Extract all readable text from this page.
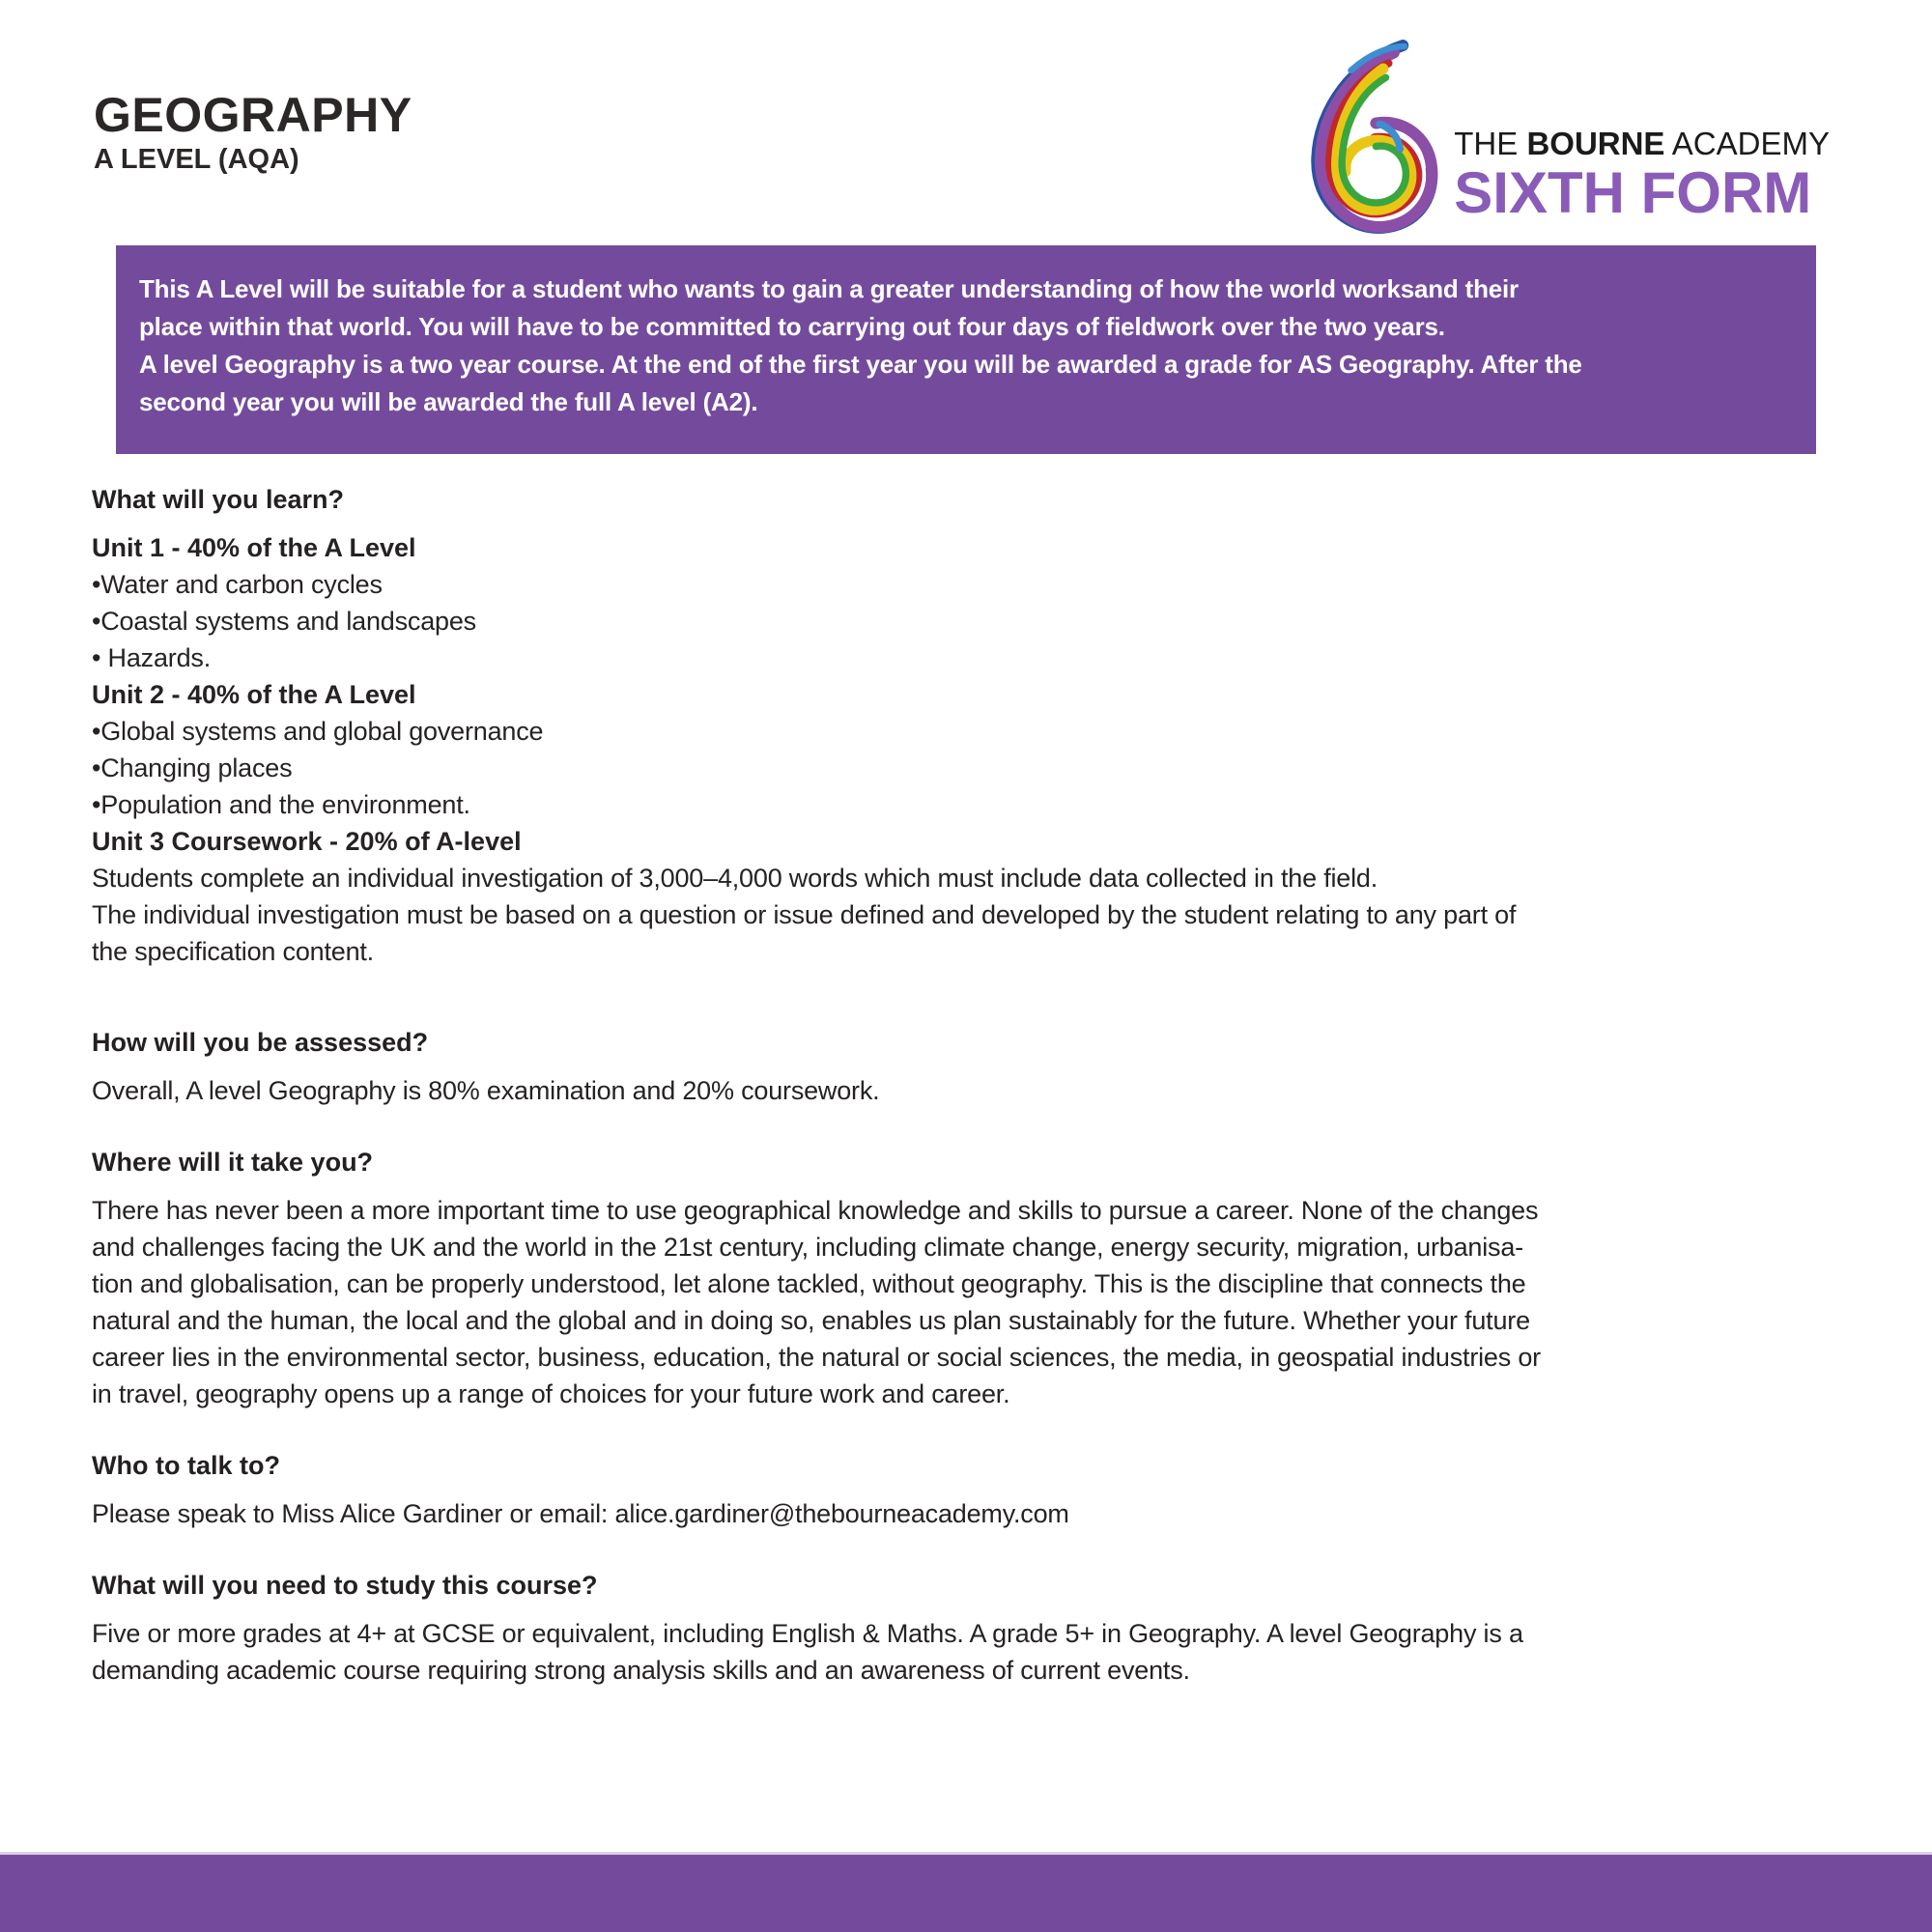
GEOGRAPHY
A LEVEL (AQA)	THE BOURNE ACADEMY
SIXTH FORM
This A Level will be suitable for a student who wants to gain a greater understanding of how the world worksand their
place within that world. You will have to be committed to carrying out four days of fieldwork over the two years.
A level Geography is a two year course. At the end of the first year you will be awarded a grade for AS Geography. After the
second year you will be awarded the full A level (A2).
What will you learn?
Unit 1 - 40% of the A Level
•Water and carbon cycles
•Coastal systems and landscapes
• Hazards.
Unit 2 - 40% of the A Level
•Global systems and global governance
•Changing places
•Population and the environment.
Unit 3 Coursework - 20% of A-level
Students complete an individual investigation of 3,000–4,000 words which must include data collected in the field.
The individual investigation must be based on a question or issue defined and developed by the student relating to any part of
the specification content.
How will you be assessed?
Overall, A level Geography is 80% examination and 20% coursework.
Where will it take you?
There has never been a more important time to use geographical knowledge and skills to pursue a career. None of the changes
and challenges facing the UK and the world in the 21st century, including climate change, energy security, migration, urbanisa-
tion and globalisation, can be properly understood, let alone tackled, without geography. This is the discipline that connects the
natural and the human, the local and the global and in doing so, enables us plan sustainably for the future. Whether your future
career lies in the environmental sector, business, education, the natural or social sciences, the media, in geospatial industries or
in travel, geography opens up a range of choices for your future work and career.
Who to talk to?
Please speak to Miss Alice Gardiner or email: alice.gardiner@thebourneacademy.com
What will you need to study this course?
Five or more grades at 4+ at GCSE or equivalent, including English & Maths. A grade 5+ in Geography. A level Geography is a
demanding academic course requiring strong analysis skills and an awareness of current events.
